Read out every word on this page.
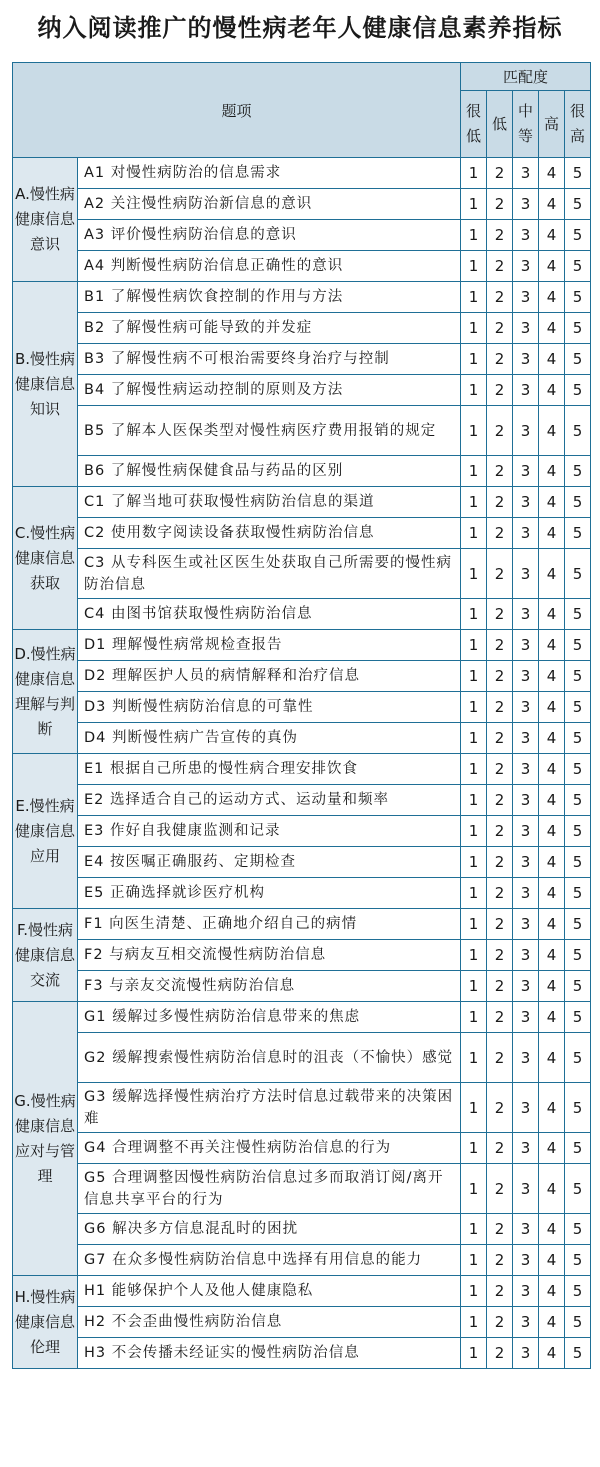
纳入阅读推广的慢性病老年人健康信息素养指标
题项		匹配度				

		很低	低	中等	高	很高

A.慢性病健康信息意识	A1 对慢性病防治的信息需求	1	2	3	4	5
	A2 关注慢性病防治新信息的意识	1	2	3	4	5
	A3 评价慢性病防治信息的意识	1	2	3	4	5
	A4 判断慢性病防治信息正确性的意识	1	2	3	4	5
B.慢性病健康信息知识	B1 了解慢性病饮食控制的作用与方法	1	2	3	4	5
	B2 了解慢性病可能导致的并发症	1	2	3	4	5
	B3 了解慢性病不可根治需要终身治疗与控制	1	2	3	4	5
	B4 了解慢性病运动控制的原则及方法	1	2	3	4	5
	B5 了解本人医保类型对慢性病医疗费用报销的规定	1	2	3	4	5
	B6 了解慢性病保健食品与药品的区别	1	2	3	4	5
C.慢性病健康信息获取	C1 了解当地可获取慢性病防治信息的渠道	1	2	3	4	5
	C2 使用数字阅读设备获取慢性病防治信息	1	2	3	4	5
	C3 从专科医生或社区医生处获取自己所需要的慢性病防治信息	1	2	3	4	5
	C4 由图书馆获取慢性病防治信息	1	2	3	4	5
D.慢性病健康信息理解与判断	D1 理解慢性病常规检查报告	1	2	3	4	5
	D2 理解医护人员的病情解释和治疗信息	1	2	3	4	5
	D3 判断慢性病防治信息的可靠性	1	2	3	4	5
	D4 判断慢性病广告宣传的真伪	1	2	3	4	5
E.慢性病健康信息应用	E1 根据自己所患的慢性病合理安排饮食	1	2	3	4	5
	E2 选择适合自己的运动方式、运动量和频率	1	2	3	4	5
	E3 作好自我健康监测和记录	1	2	3	4	5
	E4 按医嘱正确服药、定期检查	1	2	3	4	5
	E5 正确选择就诊医疗机构	1	2	3	4	5
F.慢性病健康信息交流	F1 向医生清楚、正确地介绍自己的病情	1	2	3	4	5
	F2 与病友互相交流慢性病防治信息	1	2	3	4	5
	F3 与亲友交流慢性病防治信息	1	2	3	4	5
G.慢性病健康信息应对与管理	G1 缓解过多慢性病防治信息带来的焦虑	1	2	3	4	5
	G2 缓解搜索慢性病防治信息时的沮丧（不愉快）感觉	1	2	3	4	5
	G3 缓解选择慢性病治疗方法时信息过载带来的决策困难	1	2	3	4	5
	G4 合理调整不再关注慢性病防治信息的行为	1	2	3	4	5
	G5 合理调整因慢性病防治信息过多而取消订阅/离开信息共享平台的行为	1	2	3	4	5
	G6 解决多方信息混乱时的困扰	1	2	3	4	5
	G7 在众多慢性病防治信息中选择有用信息的能力	1	2	3	4	5
H.慢性病健康信息伦理	H1 能够保护个人及他人健康隐私	1	2	3	4	5
	H2 不会歪曲慢性病防治信息	1	2	3	4	5
	H3 不会传播未经证实的慢性病防治信息	1	2	3	4	5
